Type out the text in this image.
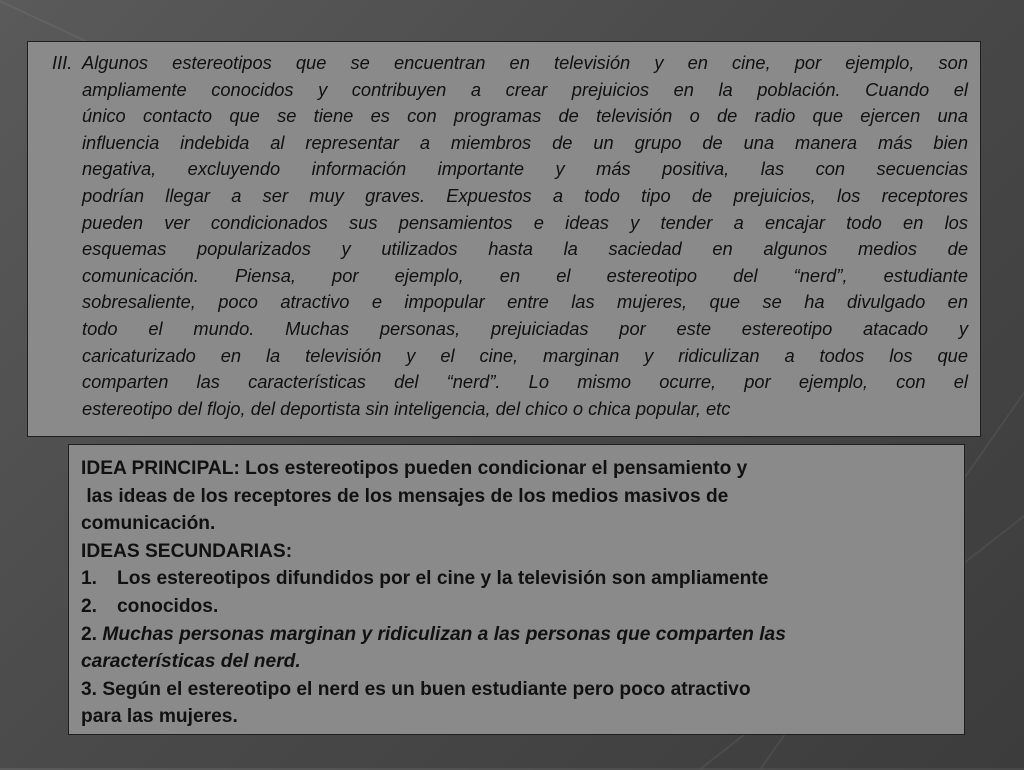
III. Algunos estereotipos que se encuentran en televisión y en cine, por ejemplo, son
ampliamente conocidos y contribuyen a crear prejuicios en la población. Cuando el
único contacto que se tiene es con programas de televisión o de radio que ejercen una
influencia indebida al representar a miembros de un grupo de una manera más bien
negativa, excluyendo información importante y más positiva, las con secuencias
podrían llegar a ser muy graves. Expuestos a todo tipo de prejuicios, los receptores
pueden ver condicionados sus pensamientos e ideas y tender a encajar todo en los
esquemas popularizados y utilizados hasta la saciedad en algunos medios de
comunicación. Piensa, por ejemplo, en el estereotipo del “nerd”, estudiante
sobresaliente, poco atractivo e impopular entre las mujeres, que se ha divulgado en
todo el mundo. Muchas personas, prejuiciadas por este estereotipo atacado y
caricaturizado en la televisión y el cine, marginan y ridiculizan a todos los que
comparten las características del “nerd”. Lo mismo ocurre, por ejemplo, con el
estereotipo del flojo, del deportista sin inteligencia, del chico o chica popular, etc

IDEA PRINCIPAL: Los estereotipos pueden condicionar el pensamiento y
las ideas de los receptores de los mensajes de los medios masivos de
comunicación.
IDEAS SECUNDARIAS:
1. Los estereotipos difundidos por el cine y la televisión son ampliamente
2. conocidos.
2. Muchas personas marginan y ridiculizan a las personas que comparten las
características del nerd.
3. Según el estereotipo el nerd es un buen estudiante pero poco atractivo
para las mujeres.
